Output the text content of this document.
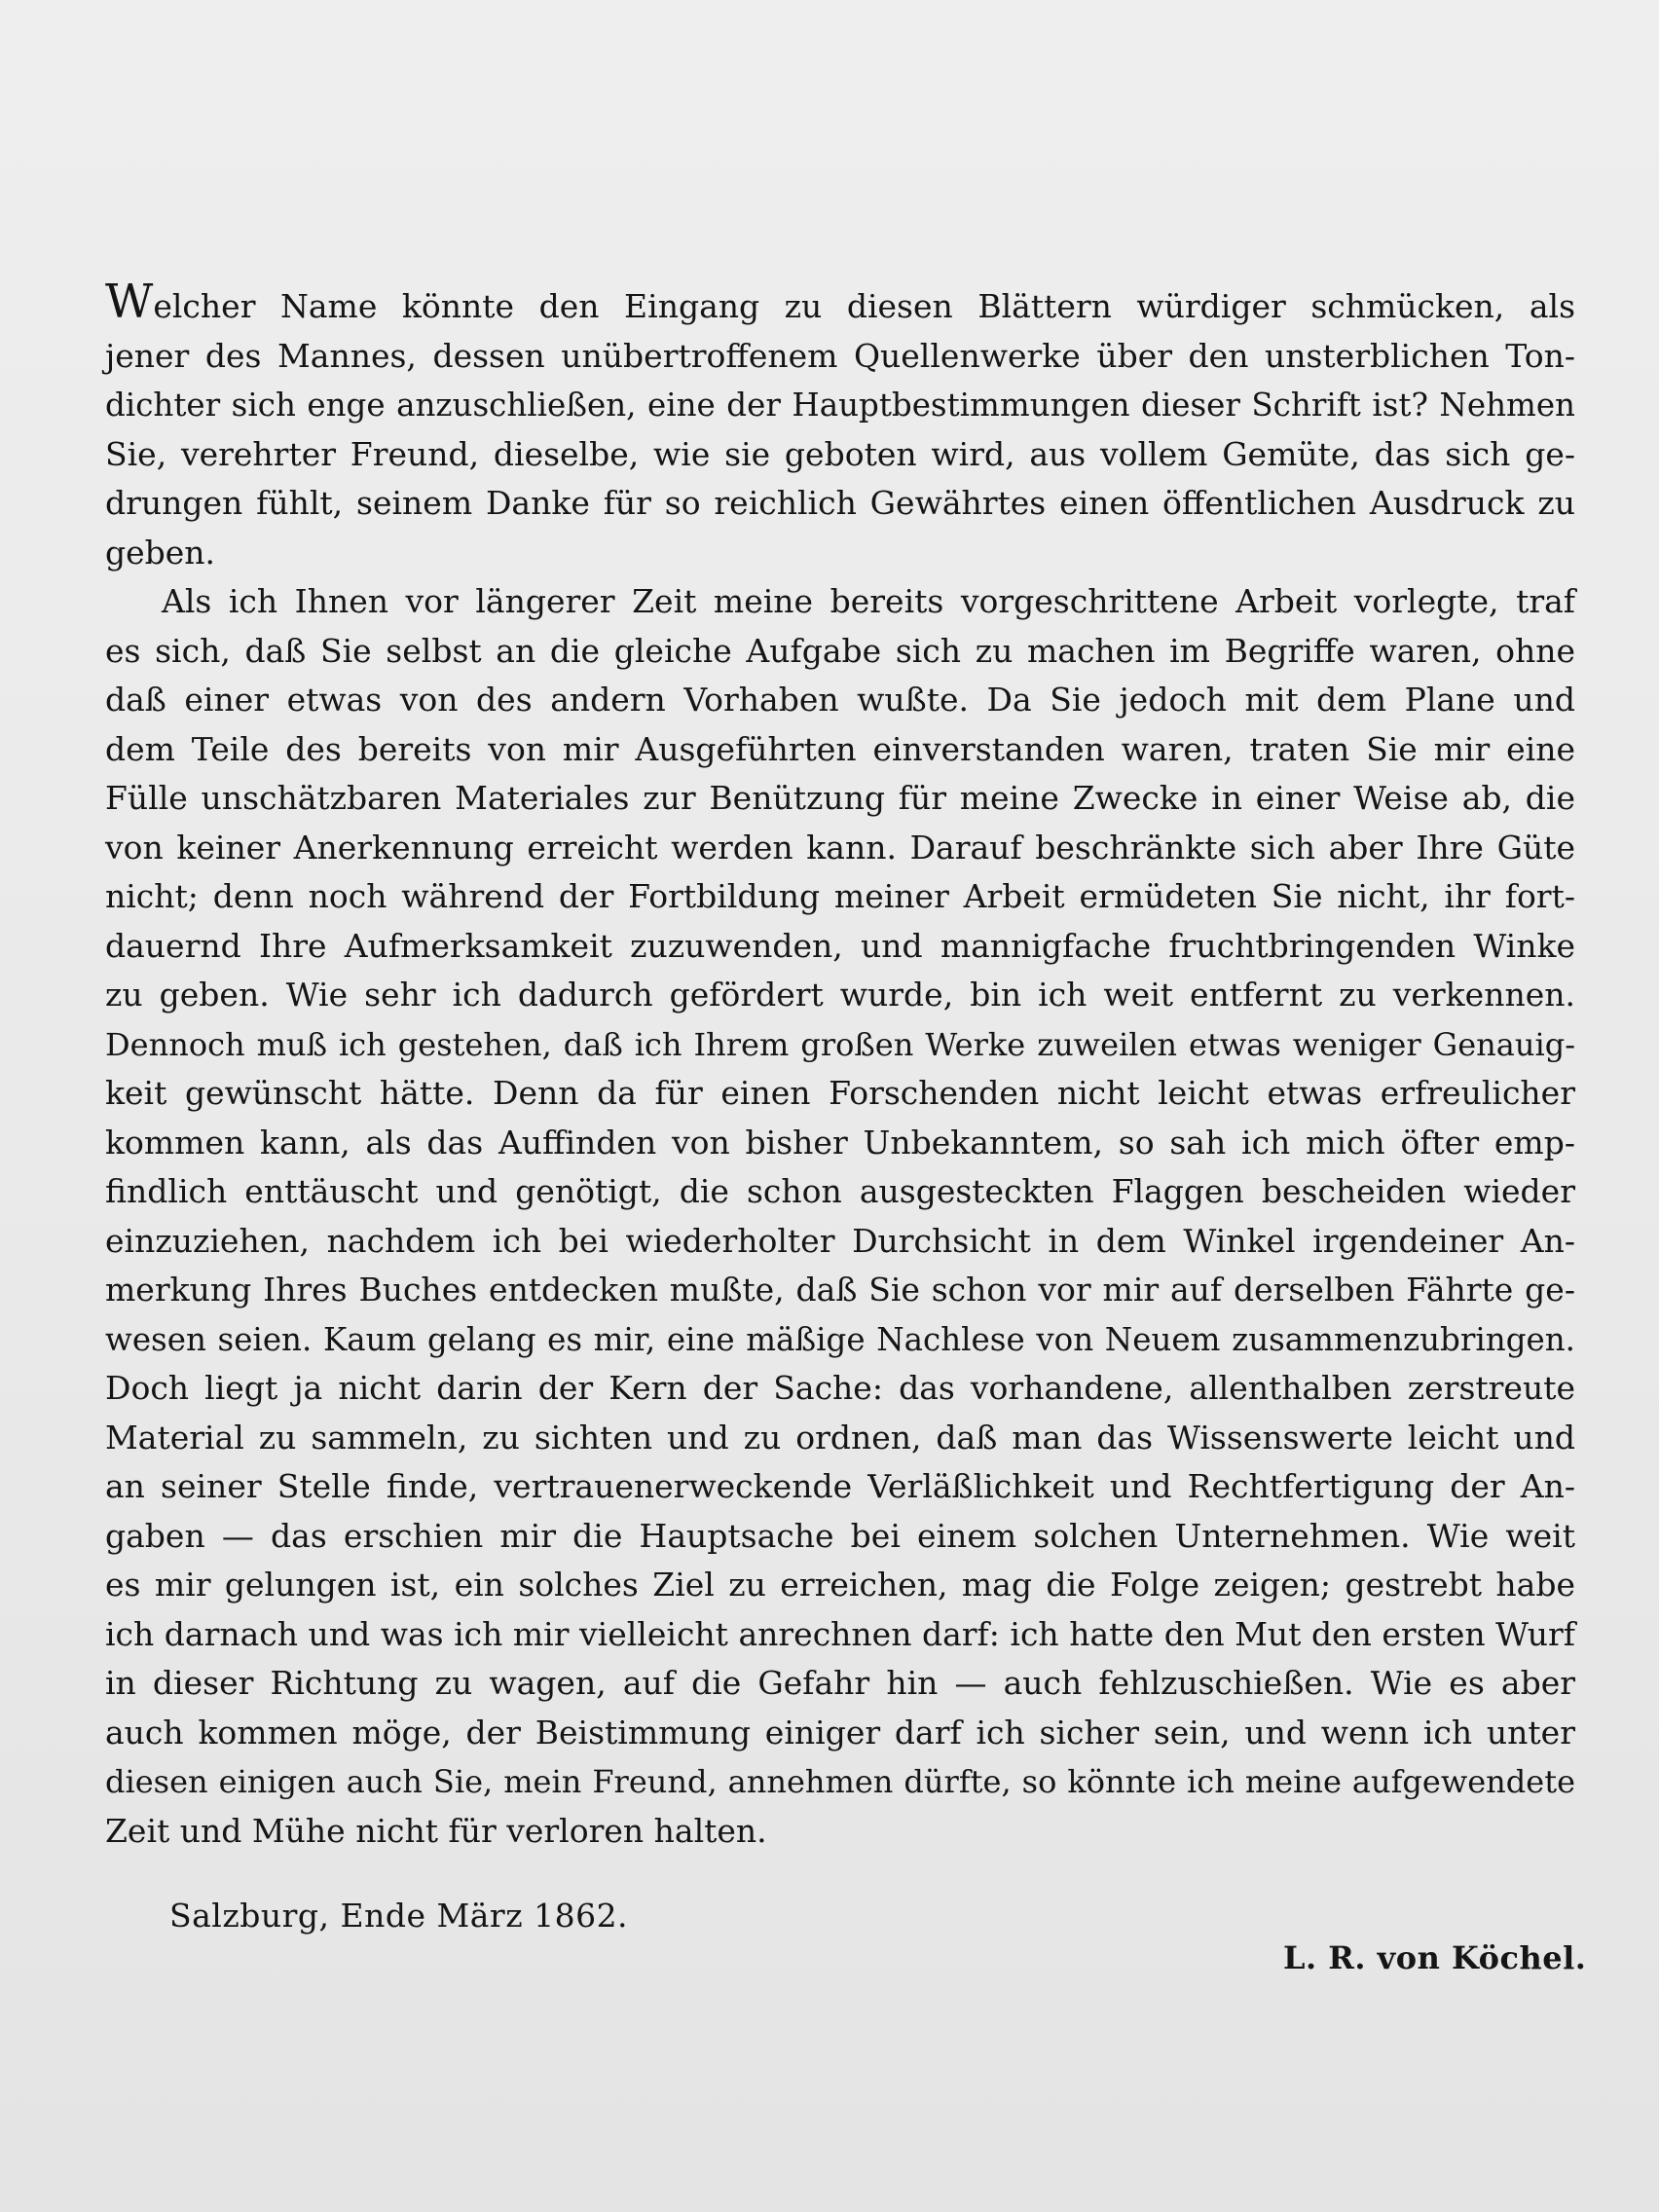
Welcher Name könnte den Eingang zu diesen Blättern würdiger schmücken, als
jener des Mannes, dessen unübertroffenem Quellenwerke über den unsterblichen Ton-
dichter sich enge anzuschließen, eine der Hauptbestimmungen dieser Schrift ist? Nehmen
Sie, verehrter Freund, dieselbe, wie sie geboten wird, aus vollem Gemüte, das sich ge-
drungen fühlt, seinem Danke für so reichlich Gewährtes einen öffentlichen Ausdruck zu
geben.
Als ich Ihnen vor längerer Zeit meine bereits vorgeschrittene Arbeit vorlegte, traf
es sich, daß Sie selbst an die gleiche Aufgabe sich zu machen im Begriffe waren, ohne
daß einer etwas von des andern Vorhaben wußte. Da Sie jedoch mit dem Plane und
dem Teile des bereits von mir Ausgeführten einverstanden waren, traten Sie mir eine
Fülle unschätzbaren Materiales zur Benützung für meine Zwecke in einer Weise ab, die
von keiner Anerkennung erreicht werden kann. Darauf beschränkte sich aber Ihre Güte
nicht; denn noch während der Fortbildung meiner Arbeit ermüdeten Sie nicht, ihr fort-
dauernd Ihre Aufmerksamkeit zuzuwenden, und mannigfache fruchtbringenden Winke
zu geben. Wie sehr ich dadurch gefördert wurde, bin ich weit entfernt zu verkennen.
Dennoch muß ich gestehen, daß ich Ihrem großen Werke zuweilen etwas weniger Genauig-
keit gewünscht hätte. Denn da für einen Forschenden nicht leicht etwas erfreulicher
kommen kann, als das Auffinden von bisher Unbekanntem, so sah ich mich öfter emp-
findlich enttäuscht und genötigt, die schon ausgesteckten Flaggen bescheiden wieder
einzuziehen, nachdem ich bei wiederholter Durchsicht in dem Winkel irgendeiner An-
merkung Ihres Buches entdecken mußte, daß Sie schon vor mir auf derselben Fährte ge-
wesen seien. Kaum gelang es mir, eine mäßige Nachlese von Neuem zusammenzubringen.
Doch liegt ja nicht darin der Kern der Sache: das vorhandene, allenthalben zerstreute
Material zu sammeln, zu sichten und zu ordnen, daß man das Wissenswerte leicht und
an seiner Stelle finde, vertrauenerweckende Verläßlichkeit und Rechtfertigung der An-
gaben — das erschien mir die Hauptsache bei einem solchen Unternehmen. Wie weit
es mir gelungen ist, ein solches Ziel zu erreichen, mag die Folge zeigen; gestrebt habe
ich darnach und was ich mir vielleicht anrechnen darf: ich hatte den Mut den ersten Wurf
in dieser Richtung zu wagen, auf die Gefahr hin — auch fehlzuschießen. Wie es aber
auch kommen möge, der Beistimmung einiger darf ich sicher sein, und wenn ich unter
diesen einigen auch Sie, mein Freund, annehmen dürfte, so könnte ich meine aufgewendete
Zeit und Mühe nicht für verloren halten.
Salzburg, Ende März 1862.
L. R. von Köchel.
